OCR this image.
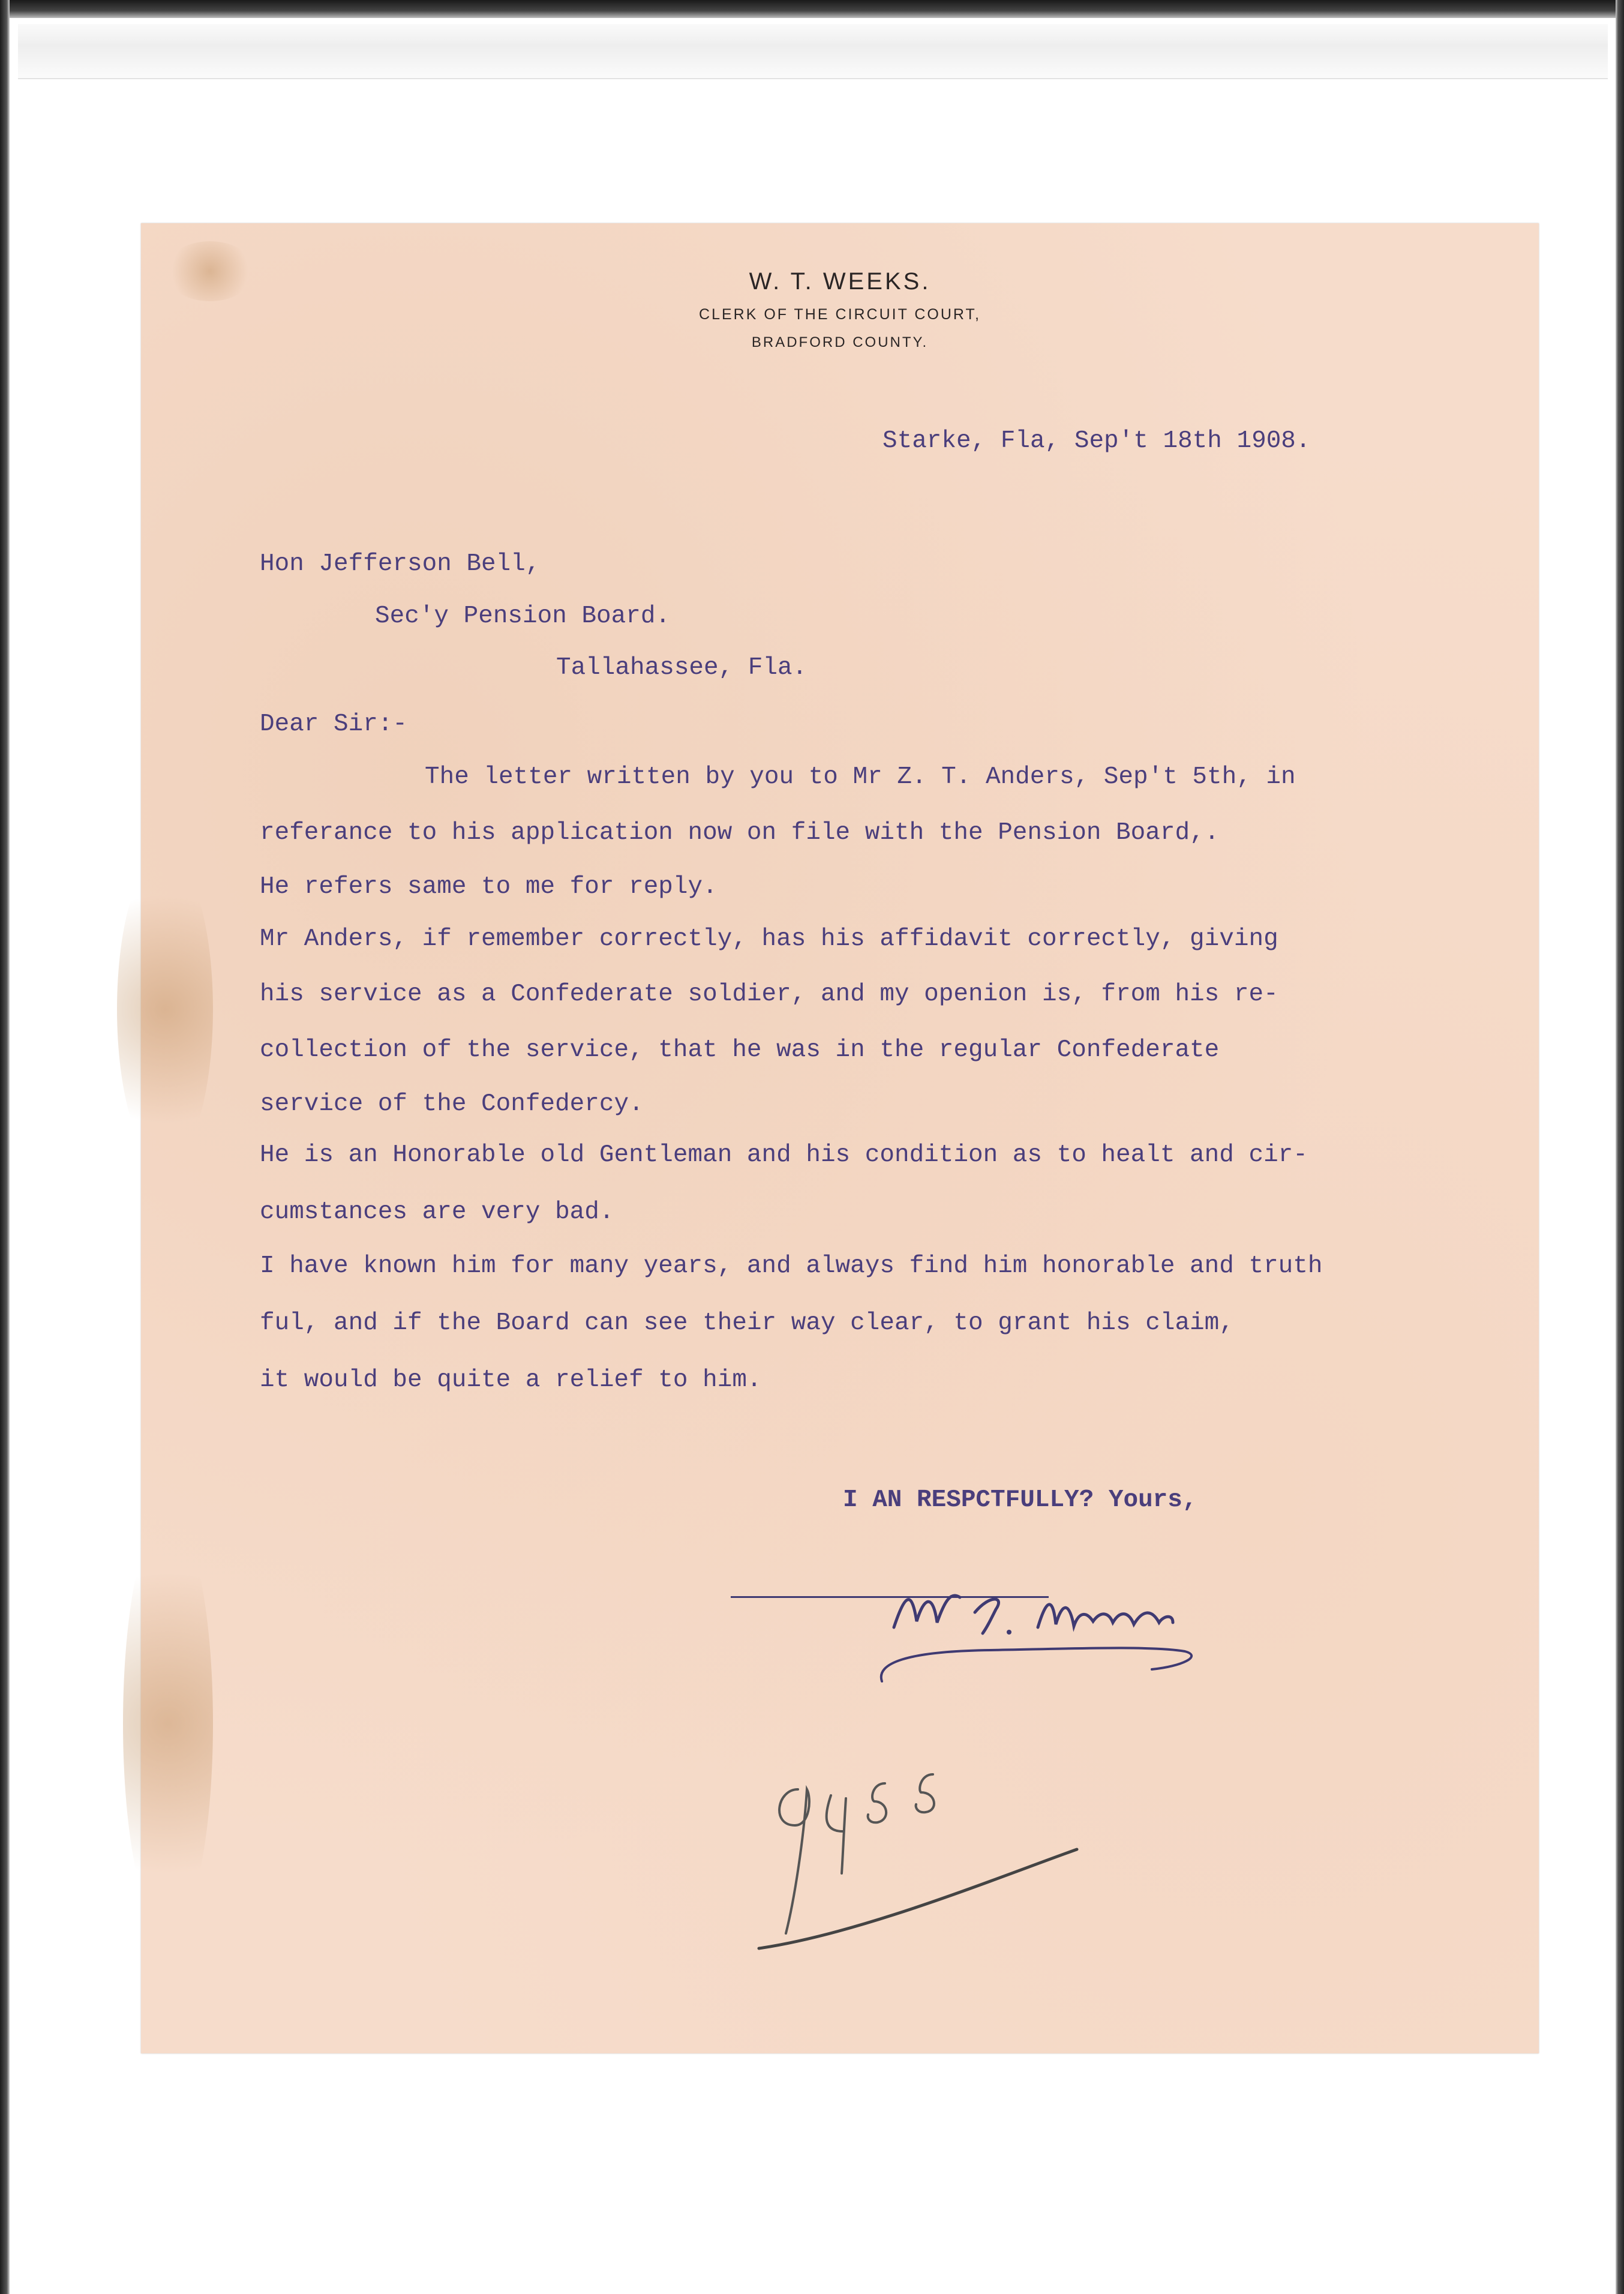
W. T. WEEKS.
CLERK OF THE CIRCUIT COURT,
BRADFORD COUNTY.
Starke, Fla, Sep't 18th 1908.
Hon Jefferson Bell,
Sec'y Pension Board.
Tallahassee, Fla.
Dear Sir:-
The letter written by you to Mr Z. T. Anders, Sep't 5th, in
referance to his application now on file with the Pension Board,.
He refers same to me for reply.
Mr Anders, if remember correctly, has his affidavit correctly, giving
his service as a Confederate soldier, and my openion is, from his re-
collection of the service, that he was in the regular Confederate
service of the Confedercy.
He is an Honorable old Gentleman and his condition as to healt and cir-
cumstances are very bad.
I have known him for many years, and always find him honorable and truth
ful, and if the Board can see their way clear, to grant his claim,
it would be quite a relief to him.
I AN RESPCTFULLY? Yours,
